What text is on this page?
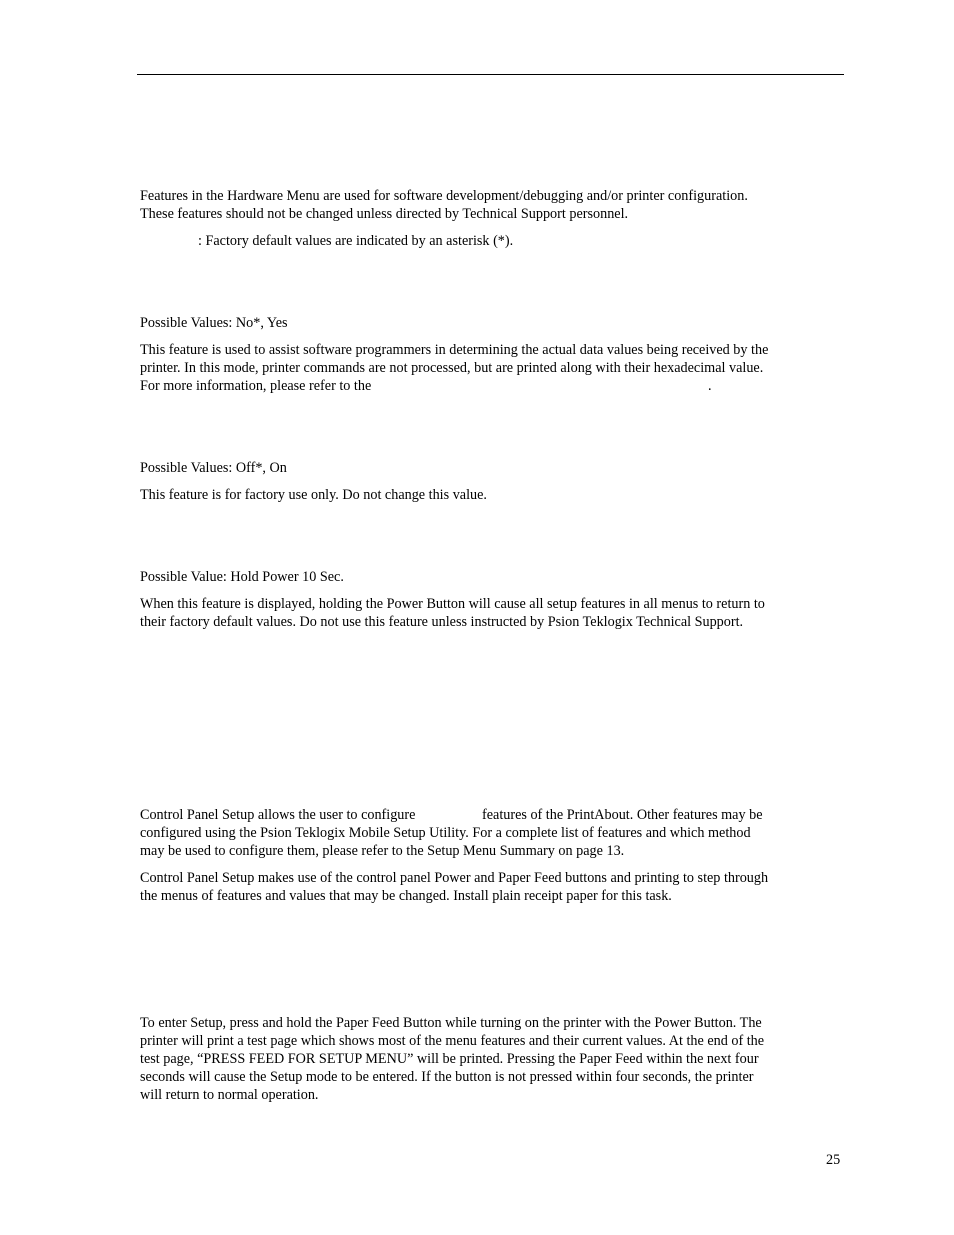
Features in the Hardware Menu are used for software development/debugging and/or printer configuration.
These features should not be changed unless directed by Technical Support personnel.
: Factory default values are indicated by an asterisk (*).
Possible Values: No*, Yes
This feature is used to assist software programmers in determining the actual data values being received by the
printer. In this mode, printer commands are not processed, but are printed along with their hexadecimal value.
For more information, please refer to the	.
Possible Values: Off*, On
This feature is for factory use only. Do not change this value.
Possible Value: Hold Power 10 Sec.
When this feature is displayed, holding the Power Button will cause all setup features in all menus to return to
their factory default values. Do not use this feature unless instructed by Psion Teklogix Technical Support.
Control Panel Setup allows the user to configure	features of the PrintAbout. Other features may be
configured using the Psion Teklogix Mobile Setup Utility. For a complete list of features and which method
may be used to configure them, please refer to the Setup Menu Summary on page 13.
Control Panel Setup makes use of the control panel Power and Paper Feed buttons and printing to step through
the menus of features and values that may be changed. Install plain receipt paper for this task.
To enter Setup, press and hold the Paper Feed Button while turning on the printer with the Power Button. The
printer will print a test page which shows most of the menu features and their current values. At the end of the
test page, “PRESS FEED FOR SETUP MENU” will be printed. Pressing the Paper Feed within the next four
seconds will cause the Setup mode to be entered. If the button is not pressed within four seconds, the printer
will return to normal operation.
25
